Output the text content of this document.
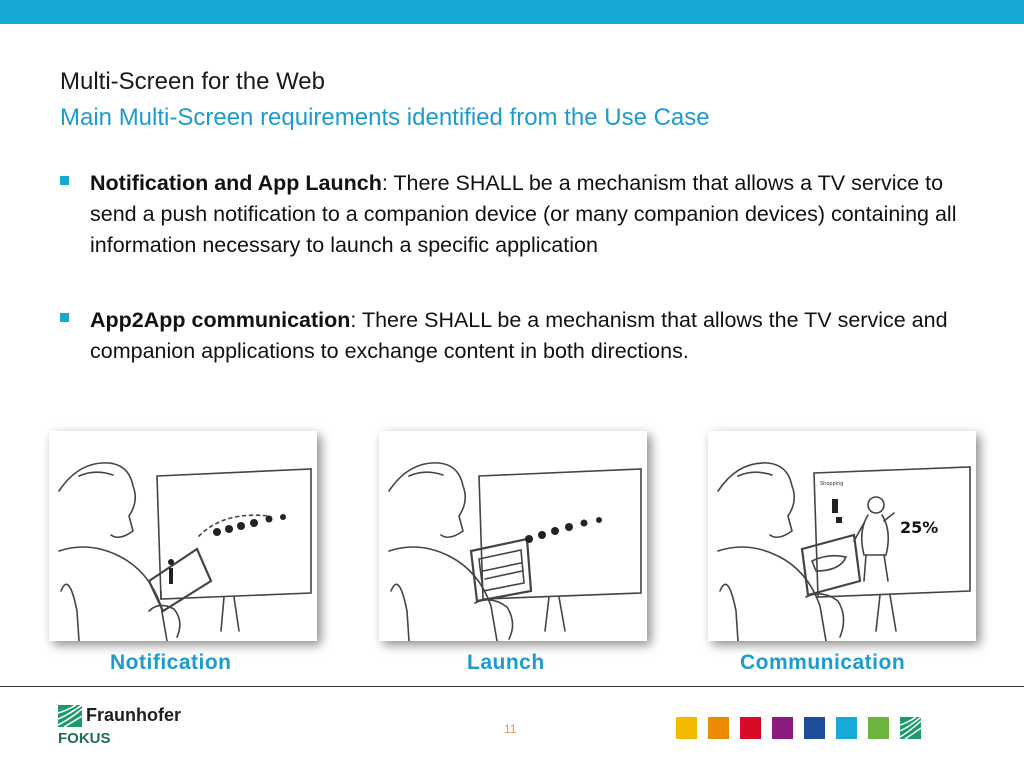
Multi-Screen for the Web
Main Multi-Screen requirements identified from the Use Case
Notification and App Launch: There SHALL be a mechanism that allows a TV service to send a push notification to a companion device (or many companion devices) containing all information necessary to launch a specific application
App2App communication: There SHALL be a mechanism that allows the TV service and companion applications to exchange content in both directions.
Shopping
25%
Notification	Launch	Communication
Fraunhofer
FOKUS
11
